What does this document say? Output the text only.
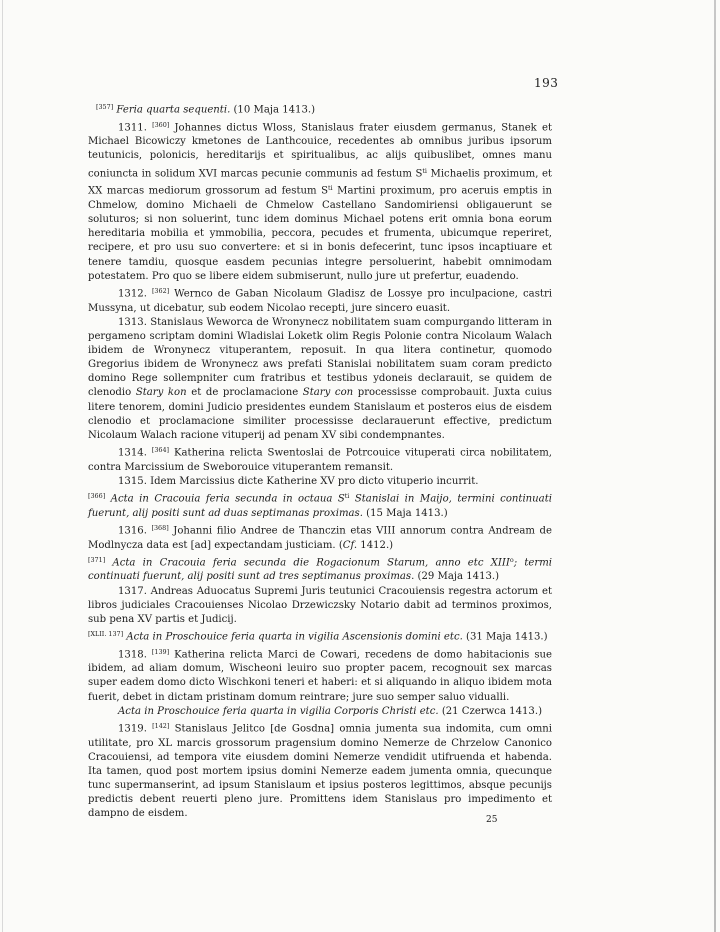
193

[357] Feria quarta sequenti. (10 Maja 1413.)

1311. [360] Johannes dictus Wloss, Stanislaus frater eiusdem germanus, Stanek et Michael Bicowiczy kmetones de Lanthcouice, recedentes ab omnibus juribus ipsorum teutunicis, polonicis, hereditarijs et spiritualibus, ac alijs quibuslibet, omnes manu coniuncta in solidum XVI marcas pecunie communis ad festum $S^{ti}$ Michaelis proximum, et XX marcas mediorum grossorum ad festum $S^{ti}$ Martini proximum, pro aceruis emptis in Chmelow, domino Michaeli de Chmelow Castellano Sandomiriensi obligauerunt se soluturos; si non soluerint, tunc idem dominus Michael potens erit omnia bona eorum hereditaria mobilia et ymmobilia, peccora, pecudes et frumenta, ubicumque reperiret, recipere, et pro usu suo convertere: et si in bonis defecerint, tunc ipsos incaptiuare et tenere tamdiu, quosque easdem pecunias integre persoluerint, habebit omnimodam potestatem. Pro quo se libere eidem submiserunt, nullo jure ut prefertur, euadendo.

1312. [362] Wernco de Gaban Nicolaum Gladisz de Lossye pro inculpacione, castri Mussyna, ut dicebatur, sub eodem Nicolao recepti, jure sincero euasit.

1313. Stanislaus Weworca de Wronynecz nobilitatem suam compurgando litteram in pergameno scriptam domini Wladislai Loketk olim Regis Polonie contra Nicolaum Walach ibidem de Wronynecz vituperantem, reposuit. In qua litera continetur, quomodo Gregorius ibidem de Wronynecz aws prefati Stanislai nobilitatem suam coram predicto domino Rege sollempniter cum fratribus et testibus ydoneis declarauit, se quidem de clenodio Stary kon et de proclamacione Stary con processisse comprobauit. Juxta cuius litere tenorem, domini Judicio presidentes eundem Stanislaum et posteros eius de eisdem clenodio et proclamacione similiter processisse declarauerunt effective, predictum Nicolaum Walach racione vituperij ad penam XV sibi condempnantes.

1314. [364] Katherina relicta Swentoslai de Potrcouice vituperati circa nobilitatem, contra Marcissium de Sweborouice vituperantem remansit.

1315. Idem Marcissius dicte Katherine XV pro dicto vituperio incurrit.

[366] Acta in Cracouia feria secunda in octaua $S^{ti}$ Stanislai in Maijo, termini continuati fuerunt, alij positi sunt ad duas septimanas proximas. (15 Maja 1413.)

1316. [368] Johanni filio Andree de Thanczin etas VIII annorum contra Andream de Modlnycza data est [ad] expectandam justiciam. (Cf. 1412.)

[371] Acta in Cracouia feria secunda die Rogacionum Starum, anno etc XIII$^o$; termi continuati fuerunt, alij positi sunt ad tres septimanus proximas. (29 Maja 1413.)

1317. Andreas Aduocatus Supremi Juris teutunici Cracouiensis regestra actorum et libros judiciales Cracouienses Nicolao Drzewiczsky Notario dabit ad terminos proximos, sub pena XV partis et Judicij.

[XLII. 137] Acta in Proschouice feria quarta in vigilia Ascensionis domini etc. (31 Maja 1413.)

1318. [139] Katherina relicta Marci de Cowari, recedens de domo habitacionis sue ibidem, ad aliam domum, Wischeoni leuiro suo propter pacem, recognouit sex marcas super eadem domo dicto Wischkoni teneri et haberi: et si aliquando in aliquo ibidem mota fuerit, debet in dictam pristinam domum reintrare; jure suo semper saluo vidualli.

Acta in Proschouice feria quarta in vigilia Corporis Christi etc. (21 Czerwca 1413.)

1319. [142] Stanislaus Jelitco [de Gosdna] omnia jumenta sua indomita, cum omni utilitate, pro XL marcis grossorum pragensium domino Nemerze de Chrzelow Canonico Cracouiensi, ad tempora vite eiusdem domini Nemerze vendidit utifruenda et habenda. Ita tamen, quod post mortem ipsius domini Nemerze eadem jumenta omnia, quecunque tunc supermanserint, ad ipsum Stanislaum et ipsius posteros legittimos, absque pecunijs predictis debent reuerti pleno jure. Promittens idem Stanislaus pro impedimento et dampno de eisdem.

25
